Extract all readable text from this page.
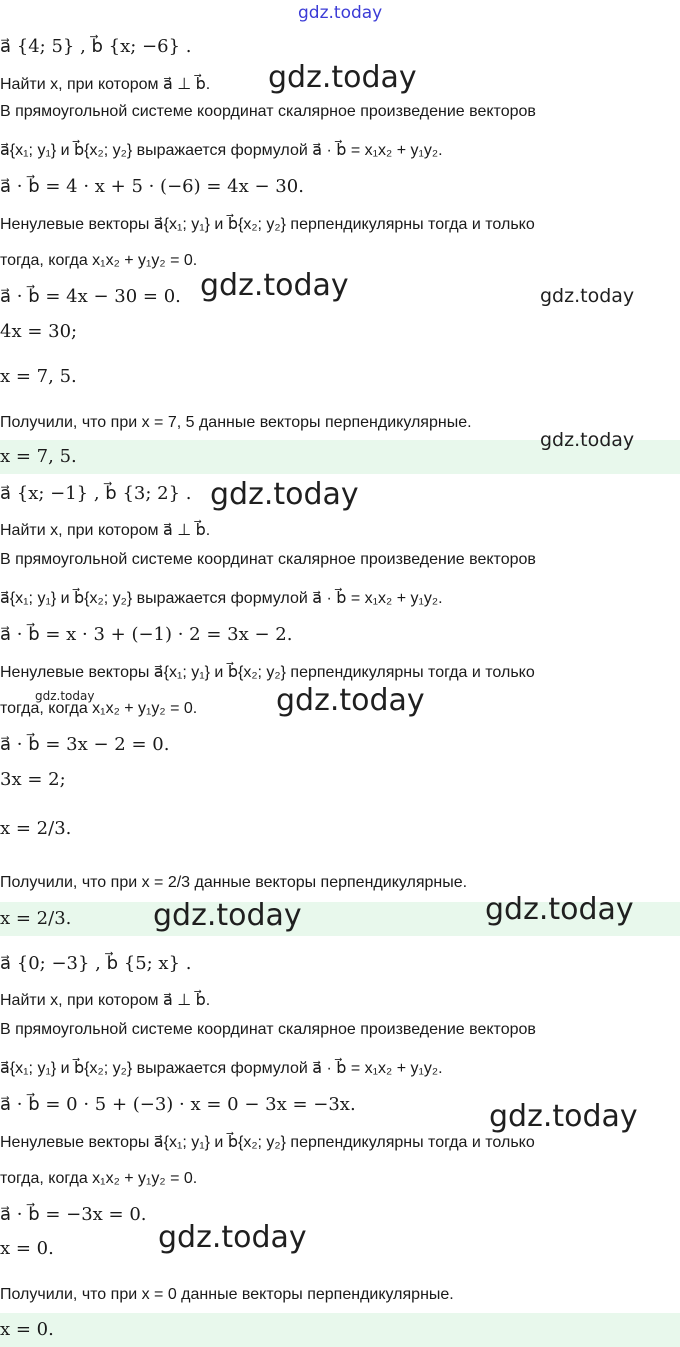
a⃗ {4; 5} , b⃗ {x; −6} .
Найти x, при котором a⃗ ⊥ b⃗.
В прямоугольной системе координат скалярное произведение векторов
a⃗{x₁; y₁} и b⃗{x₂; y₂} выражается формулой a⃗ · b⃗ = x₁x₂ + y₁y₂.
a⃗ · b⃗ = 4 · x + 5 · (−6) = 4x − 30.
Ненулевые векторы a⃗{x₁; y₁} и b⃗{x₂; y₂} перпендикулярны тогда и только
тогда, когда x₁x₂ + y₁y₂ = 0.
a⃗ · b⃗ = 4x − 30 = 0.
4x = 30;
x = 7, 5.
Получили, что при x = 7, 5 данные векторы перпендикулярные.
x = 7, 5.
a⃗ {x; −1} , b⃗ {3; 2} .
Найти x, при котором a⃗ ⊥ b⃗.
В прямоугольной системе координат скалярное произведение векторов
a⃗{x₁; y₁} и b⃗{x₂; y₂} выражается формулой a⃗ · b⃗ = x₁x₂ + y₁y₂.
a⃗ · b⃗ = x · 3 + (−1) · 2 = 3x − 2.
Ненулевые векторы a⃗{x₁; y₁} и b⃗{x₂; y₂} перпендикулярны тогда и только
тогда, когда x₁x₂ + y₁y₂ = 0.
a⃗ · b⃗ = 3x − 2 = 0.
3x = 2;
x = 2/3.
Получили, что при x = 2/3 данные векторы перпендикулярные.
x = 2/3.
a⃗ {0; −3} , b⃗ {5; x} .
Найти x, при котором a⃗ ⊥ b⃗.
В прямоугольной системе координат скалярное произведение векторов
a⃗{x₁; y₁} и b⃗{x₂; y₂} выражается формулой a⃗ · b⃗ = x₁x₂ + y₁y₂.
a⃗ · b⃗ = 0 · 5 + (−3) · x = 0 − 3x = −3x.
Ненулевые векторы a⃗{x₁; y₁} и b⃗{x₂; y₂} перпендикулярны тогда и только
тогда, когда x₁x₂ + y₁y₂ = 0.
a⃗ · b⃗ = −3x = 0.
x = 0.
Получили, что при x = 0 данные векторы перпендикулярные.
x = 0.
gdz.today
gdz.today
gdz.today	gdz.today
gdz.today
gdz.today
gdz.today	gdz.today
gdz.today	gdz.today
gdz.today
gdz.today
